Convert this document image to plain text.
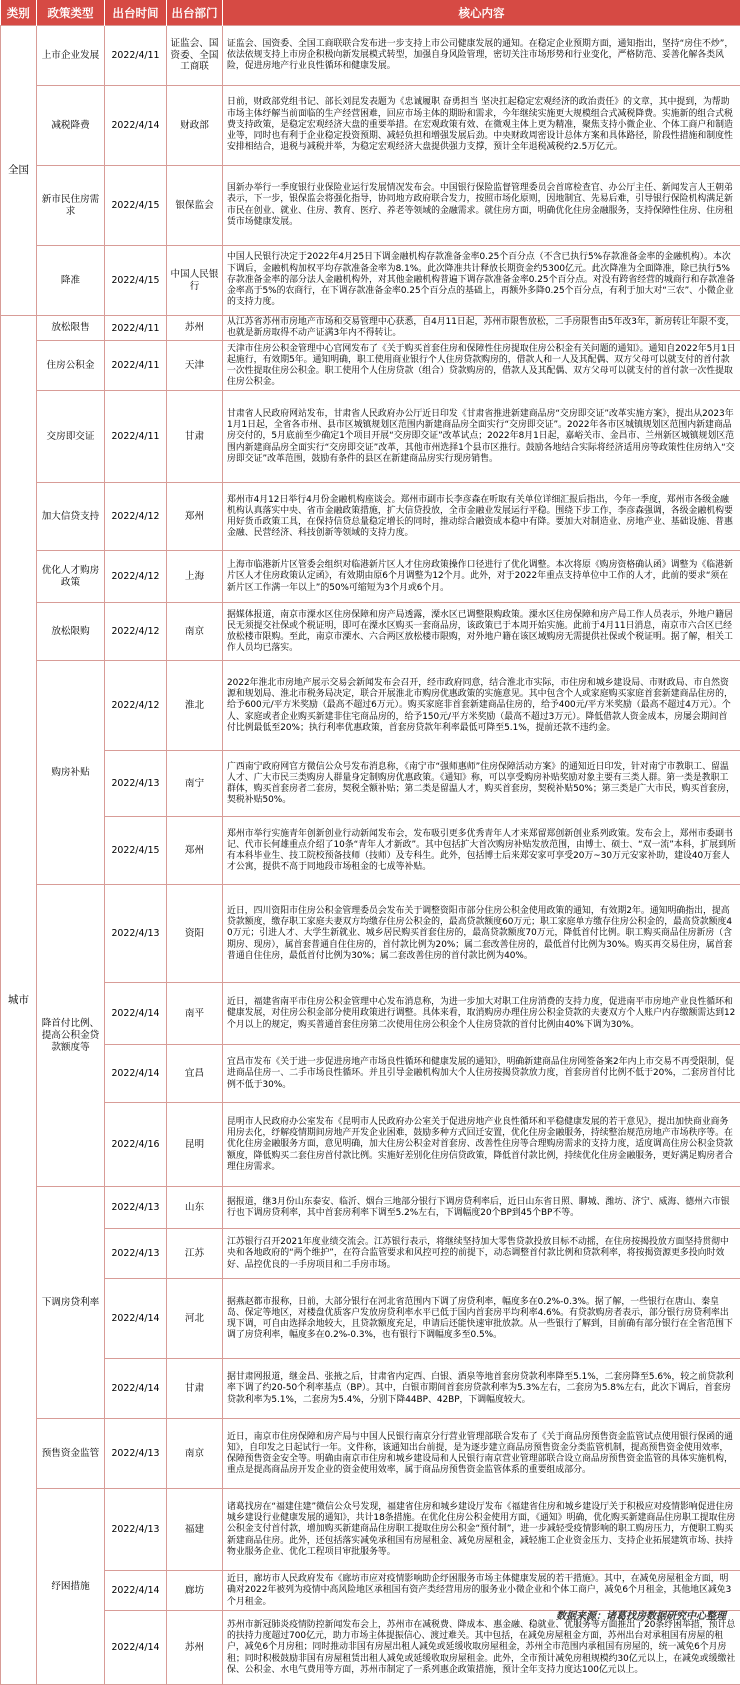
类别	政策类型	出台时间	出台部门	核心内容
全国	上市企业发展	2022/4/11	证监会、国资委、全国工商联	证监会、国资委、全国工商联联合发布进一步支持上市公司健康发展的通知。在稳定企业预期方面，通知指出，坚持“房住不炒”，依法依规支持上市房企积极向新发展模式转型，加强自身风险管理，密切关注市场形势和行业变化，严格防范、妥善化解各类风险，促进房地产行业良性循环和健康发展。
	减税降费	2022/4/14	财政部	日前，财政部党组书记、部长刘昆发表题为《忠诚履职 奋勇担当 坚决扛起稳定宏观经济的政治责任》的文章，其中提到，为帮助市场主体纾解当前面临的生产经营困难，回应市场主体的期盼和需求，今年继续实施更大规模组合式减税降费。实施新的组合式税费支持政策，是稳定宏观经济大盘的重要举措。在宏观政策有效、在微观主体上更为精准，聚焦支持小微企业、个体工商户和制造业等，同时也有利于企业稳定投资预期、减轻负担和增强发展后劲。中央财政周密设计总体方案和具体路径，阶段性措施和制度性安排相结合，退税与减税并举，为稳定宏观经济大盘提供强力支撑，预计全年退税减税约2.5万亿元。
	新市民住房需求	2022/4/15	银保监会	国新办举行一季度银行业保险业运行发展情况发布会。中国银行保险监督管理委员会首席检查官、办公厅主任、新闻发言人王朝弟表示，下一步，银保监会将强化指导，协同地方政府联合发力，按照市场化原则，因地制宜、先易后难，引导银行保险机构满足新市民在创业、就业、住房、教育、医疗、养老等领域的金融需求。就住房方面，明确优化住房金融服务，支持保障性住房、住房租赁市场健康发展。
	降准	2022/4/15	中国人民银行	中国人民银行决定于2022年4月25日下调金融机构存款准备金率0.25个百分点（不含已执行5%存款准备金率的金融机构）。本次下调后，金融机构加权平均存款准备金率为8.1%。此次降准共计释放长期资金约5300亿元。此次降准为全面降准，除已执行5%存款准备金率的部分法人金融机构外，对其他金融机构普遍下调存款准备金率0.25个百分点。对没有跨省经营的城商行和存款准备金率高于5%的农商行，在下调存款准备金率0.25个百分点的基础上，再额外多降0.25个百分点，有利于加大对“三农”、小微企业的支持力度。
城市	放松限售	2022/4/11	苏州	从江苏省苏州市房地产市场和交易管理中心获悉，自4月11日起，苏州市限售放松，二手房限售由5年改3年，新房转让年限不变，也就是新房取得不动产证满3年内不得转让。
	住房公积金	2022/4/11	天津	天津市住房公积金管理中心官网发布了《关于购买首套住房和保障性住房提取住房公积金有关问题的通知》。通知自2022年5月1日起施行，有效期5年。通知明确，职工使用商业银行个人住房贷款购房的，借款人和一人及其配偶、双方父母可以就支付的首付款一次性提取住房公积金。职工使用个人住房贷款（组合）贷款购房的，借款人及其配偶、双方父母可以就支付的首付款一次性提取住房公积金。
	交房即交证	2022/4/11	甘肃	甘肃省人民政府网站发布，甘肃省人民政府办公厅近日印发《甘肃省推进新建商品房“交房即交证”改革实施方案》，提出从2023年1月1日起，全省各市州、县市区城镇规划区范围内新建商品房全面实行“交房即交证”。2022年各市区城镇规划区范围内新建商品房交付的，5月底前至少确定1个项目开展“交房即交证”改革试点；2022年8月1日起，嘉峪关市、金昌市、兰州新区城镇规划区范围内新建商品房全面实行“交房即交证”改革，其他市州选择1个县市区推行。鼓励各地结合实际将经济适用房等政策性住房纳入“交房即交证”改革范围，鼓励有条件的县区在新建商品房实行现房销售。
	加大信贷支持	2022/4/12	郑州	郑州市4月12日举行4月份金融机构座谈会。郑州市副市长李彦森在听取有关单位详细汇报后指出，今年一季度，郑州市各级金融机构认真落实中央、省市金融政策措施，扩大信贷投放，全市金融业发展运行平稳。围绕下步工作，李彦森强调，各级金融机构要用好货币政策工具，在保持信贷总量稳定增长的同时，推动综合融资成本稳中有降。要加大对制造业、房地产业、基础设施、普惠金融、民营经济、科技创新等领域的支持力度。
	优化人才购房政策	2022/4/12	上海	上海市临港新片区管委会组织对临港新片区人才住房政策操作口径进行了优化调整。本次将原《购房资格确认函》调整为《临港新片区人才住房政策认定函》，有效期由原6个月调整为12个月。此外，对于2022年重点支持单位中工作的人才，此前的要求“须在新片区工作满一年以上”的50%可缩短为3个月或6个月。
	放松限购	2022/4/12	南京	据媒体报道，南京市溧水区住房保障和房产局透露，溧水区已调整限购政策。溧水区住房保障和房产局工作人员表示，外地户籍居民无须提交社保或个税证明，即可在溧水区购买一套商品房，该政策已于本周开始实施。此前于4月11日消息，南京市六合区已经放松楼市限购。至此，南京市溧水、六合两区放松楼市限购，对外地户籍在该区域购房无需提供社保或个税证明。据了解，相关工作人员均已落实。
	购房补贴	2022/4/12	淮北	2022年淮北市房地产展示交易会新闻发布会召开，经市政府同意，结合淮北市实际，市住房和城乡建设局、市财政局、市自然资源和规划局、淮北市税务局决定，联合开展淮北市购房优惠政策的实施意见。其中包含个人或家庭购买家庭首套新建商品住房的，给予600元/平方米奖励（最高不超过6万元）。购买家庭非首套新建商品住房的，给予400元/平方米奖励（最高不超过4万元）。个人、家庭或者企业购买新建非住宅商品房的，给予150元/平方米奖励（最高不超过3万元）。降低借款人资金成本，房屡会期间首付比例最低至20%；执行利率优惠政策，首套房贷款年利率最低可降至5.1%，提前还款不违约金。
		2022/4/13	南宁	广西南宁政府网官方微信公众号发布消息称，《南宁市“强师惠师”住房保障活动方案》的通知近日印发，针对南宁市教职工、留温人才、广大市民三类购房人群量身定制购房优惠政策。《通知》称，可以享受购房补贴奖励对象主要有三类人群。第一类是教职工群体，购买首套房者二套房，契税全额补贴；第二类是留温人才，购买首套房，契税补贴50%；第三类是广大市民，购买首套房，契税补贴50%。
		2022/4/15	郑州	郑州市举行实施青年创新创业行动新闻发布会，发布吸引更多优秀青年人才来郑留郑创新创业系列政策。发布会上，郑州市委副书记、代市长何雄重点介绍了10条“青年人才新政”。其中包括扩大首次购房补贴发放范围，由博士、硕士、“双一流”本科，扩展到所有本科毕业生、技工院校预备技师（技师）及专科生。此外，包括博士后来郑安家可享受20万~30万元安家补助，建设40万套人才公寓，提供不高于同地段市场租金的七成等补贴。
	降首付比例、提高公积金贷款额度等	2022/4/13	资阳	近日，四川资阳市住房公积金管理委员会发布关于调整资阳市部分住房公积金使用政策的通知，有效期2年。通知明确指出，提高贷款额度，缴存职工家庭夫妻双方均缴存住房公积金的，最高贷款额度60万元；职工家庭单方缴存住房公积金的，最高贷款额度40万元；引进人才、大学生新就业、城乡居民购买首套住房的，最高贷款额度70万元，降低首付比例。职工购买商品住房新房（含期房、现房），属首套普通自住住房的，首付款比例为20%；属二套改善住房的，最低首付比例为30%。购买再交易住房，属首套普通自住住房，最低首付比例为30%；属二套改善住房的首付款比例为40%。
		2022/4/14	南平	近日，福建省南平市住房公积金管理中心发布消息称，为进一步加大对职工住房消费的支持力度，促进南平市房地产业良性循环和健康发展，对住房公积金部分使用政策进行调整。具体来看，取消购房办理住房公积金贷款的夫妻双方个人账户内存缴额需达到12个月以上的规定，购买普通首套住房第二次使用住房公积金个人住房贷款的首付比例由40%下调为30%。
		2022/4/14	宜昌	宜昌市发布《关于进一步促进房地产市场良性循环和健康发展的通知》，明确新建商品住房网签备案2年内上市交易不再受限制，促进商品住房一、二手市场良性循环。并且引导金融机构加大个人住房按揭贷款放力度，首套房首付比例不低于20%，二套房首付比例不低于30%。
		2022/4/16	昆明	昆明市人民政府办公室发布《昆明市人民政府办公室关于促进房地产业良性循环和平稳健康发展的若干意见》，提出加快商业商务用房去化，纾解疫情期间房地产开发企业困难，鼓励多种方式回迁安置，优化住房金融服务，持续整治规范房地产市场秩序等。在优化住房金融服务方面，意见明确，加大住房公积金对首套房、改善性住房等合理购房需求的支持力度，适度调高住房公积金贷款额度，降低购买二套住房首付款比例。实施好差别化住房信贷政策，降低首付款比例，持续优化住房金融服务，更好满足购房者合理住房需求。
	下调房贷利率	2022/4/13	山东	据报道，继3月份山东泰安、临沂、烟台三地部分银行下调房贷利率后，近日山东省日照、聊城、潍坊、济宁、威海、德州六市银行也下调房贷利率，其中首套房利率下调至5.2%左右，下调幅度20个BP到45个BP不等。
		2022/4/13	江苏	江苏银行召开2021年度业绩交流会。江苏银行表示，将继续坚持加大零售贷款投放目标不动摇，在住房按揭投放方面坚持贯彻中央和各地政府的“两个维护”，在符合监管要求和风控可控的前提下，动态调整首付款比例和贷款利率，将按揭资源更多投向时效好、品控优良的一手房项目和二手房市场。
		2022/4/14	河北	据燕赵都市报称，日前，大部分银行在河北省范围内下调了房贷利率，幅度多在0.2%-0.3%。据了解，一些银行在唐山、秦皇岛、保定等地区，对楼盘优质客户发放房贷利率水平已低于国内首套房平均利率4.6%。有贷款购房者表示，部分银行房贷利率出现下调，可自由选择余地较大，且贷款额度充足，申请后还能快速审批放款。从一些银行了解到，目前确有部分银行在全省范围下调了房贷利率，幅度多在0.2%-0.3%，也有银行下调幅度多至0.5%。
		2022/4/14	甘肃	据甘肃网报道，继金昌、张掖之后，甘肃省内定西、白银、酒泉等地首套房贷款利率降至5.1%，二套房降至5.6%，较之前贷款利率下调了约20-50个利率基点（BP）。其中，白银市期间首套房贷款利率为5.3%左右，二套房为5.8%左右，此次下调后，首套房贷款利率为5.1%，二套房为5.4%，分别下降44BP、42BP，下调幅度较大。
	预售资金监管	2022/4/13	南京	近日，南京市住房保障和房产局与中国人民银行南京分行营业管理部联合发布了《关于商品房预售资金监管试点使用银行保函的通知》，自印发之日起试行一年。文件称，该通知出台前提，是为逐步建立商品房预售资金分类监管机制，提高预售资金使用效率，保障预售资金安全等。明确由南京市住房和城乡建设局和人民银行南京营业管理部联合设立商品房预售资金监管的具体实施机构，重点是提高商品房开发企业的资金使用效率，属于商品房预售资金监管体系的重要组成部分。
	纾困措施	2022/4/13	福建	诸葛找房在“福建住建”微信公众号发现，福建省住房和城乡建设厅发布《福建省住房和城乡建设厅关于积极应对疫情影响促进住房城乡建设行业健康发展的通知》，共计18条措施。在优化住房公积金使用方面，《通知》明确，优化购买新建商品住房职工提取住房公积金支付首付款，增加购买新建商品住房职工提取住房公积金“预付制”，进一步减轻受疫情影响的职工购房压力，方便职工购买新建商品住房。此外，还包括落实减免承租国有房屋租金、减免房屋租金，减轻施工企业资金压力、支持企业拓展建筑市场、扶持物业服务企业、优化工程项目审批服务等。
		2022/4/14	廊坊	近日，廊坊市人民政府发布《廊坊市应对疫情影响助企纾困服务市场主体健康发展的若干措施》。其中，在减免房屋租金方面，明确对2022年被列为疫情中高风险地区承租国有资产类经营用房的服务业小微企业和个体工商户，减免6个月租金，其他地区减免3个月租金。
		2022/4/14	苏州	苏州市新冠肺炎疫情防控新闻发布会上，苏州市在减税费、降成本、惠金融、稳就业、优服务等方面推出了20条纾困举措，预计总的扶持力度超过700亿元，助力市场主体提振信心、渡过难关。其中包括，在减免房屋租金方面，苏州出台对承租国有房屋的租户，减免6个月房租；同时推动非国有房屋出租人减免或延缓收取房屋租金，苏州全市范围内承租国有房屋的，统一减免6个月房租；同时积极鼓励非国有房屋租赁出租人减免或延缓收取房屋租金。此外，全市预计减免房租规模约30亿元以上，在减免或缓缴社保、公积金、水电气费用等方面，苏州市制定了一系列惠企政策措施，预计全年支持力度达100亿元以上。
数据来源：诸葛找房数据研究中心整理
